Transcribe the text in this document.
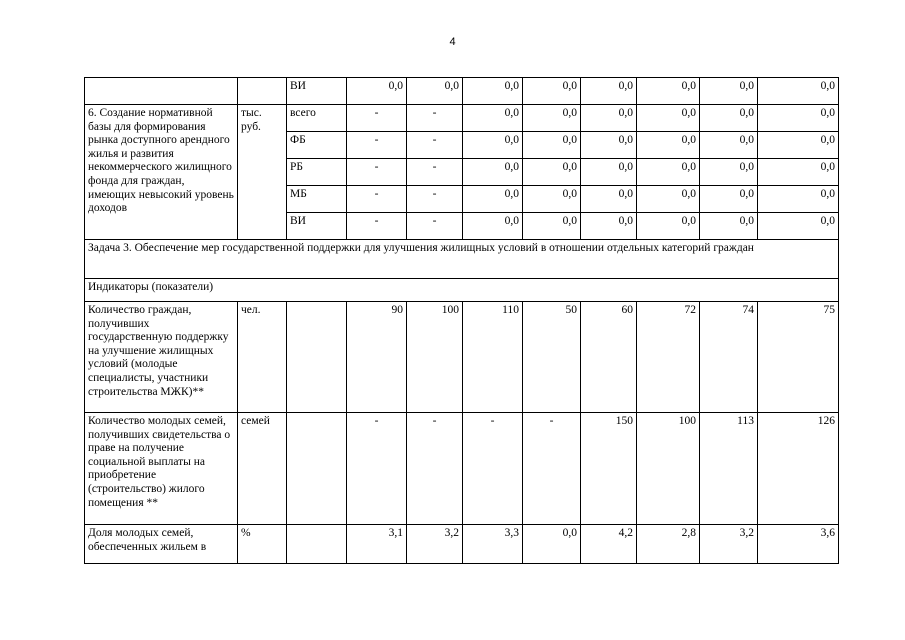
4
		ВИ	0,0	0,0	0,0	0,0	0,0	0,0	0,0	0,0
6. Создание нормативной базы для формирования рынка доступного арендного жилья и развития некоммерческого жилищного фонда для граждан, имеющих невысокий уровень доходов	тыс. руб.	всего	-	-	0,0	0,0	0,0	0,0	0,0	0,0
		ФБ	-	-	0,0	0,0	0,0	0,0	0,0	0,0
		РБ	-	-	0,0	0,0	0,0	0,0	0,0	0,0
		МБ	-	-	0,0	0,0	0,0	0,0	0,0	0,0
		ВИ	-	-	0,0	0,0	0,0	0,0	0,0	0,0
Задача 3. Обеспечение мер государственной поддержки для улучшения жилищных условий в отношении отдельных категорий граждан										
Индикаторы (показатели)										
Количество граждан, получивших государственную поддержку на улучшение жилищных условий (молодые специалисты, участники строительства МЖК)**	чел.		90	100	110	50	60	72	74	75
Количество молодых семей, получивших свидетельства о праве на получение социальной выплаты на приобретение (строительство) жилого помещения **	семей		-	-	-	-	150	100	113	126
Доля молодых семей, обеспеченных жильем в	%		3,1	3,2	3,3	0,0	4,2	2,8	3,2	3,6
